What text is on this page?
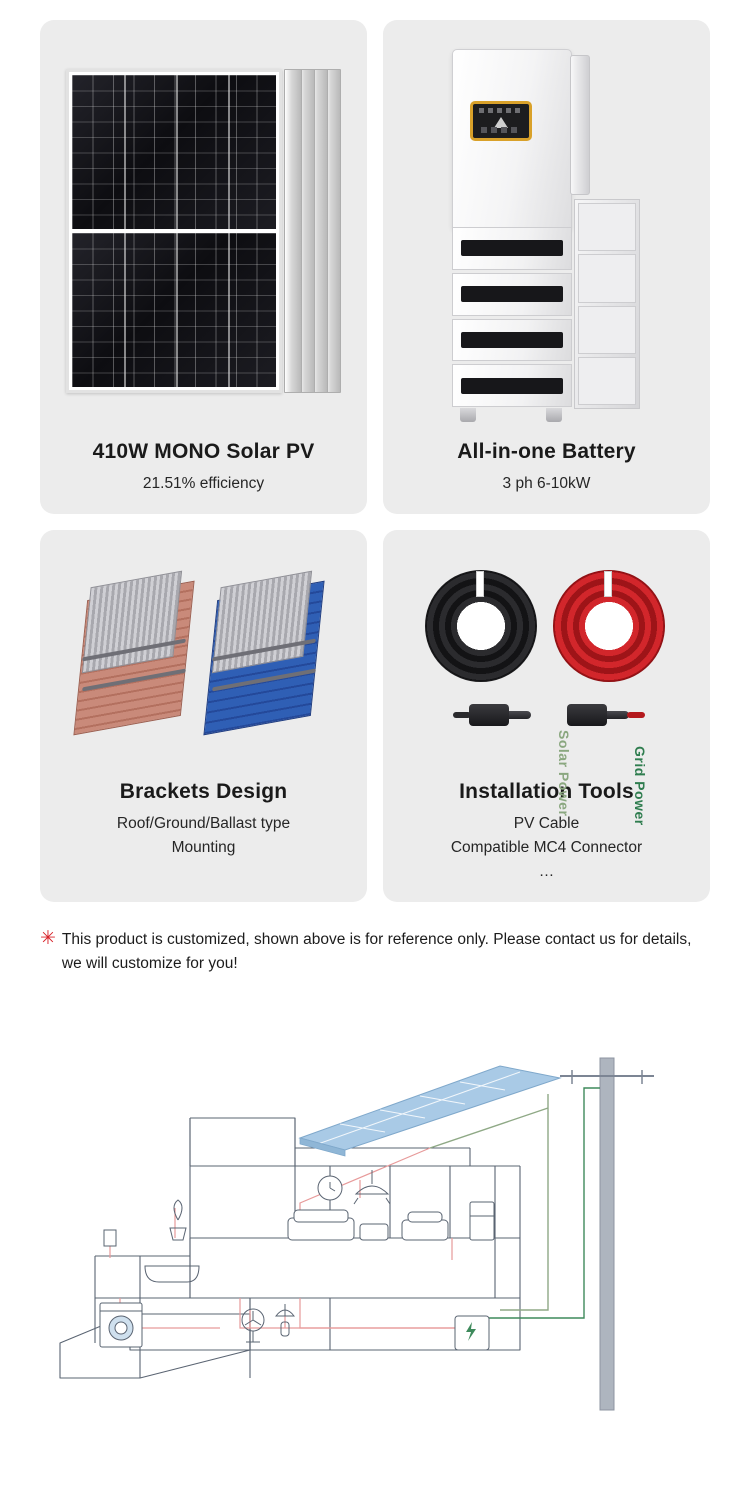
410W MONO Solar PV
21.51% efficiency
All-in-one Battery
3 ph 6-10kW
Brackets Design
Roof/Ground/Ballast type
Mounting
Installation Tools
PV Cable
Compatible MC4 Connector
…
✳ This product is customized, shown above is for reference only. Please contact us for details, we will customize for you!
Solar Power	Grid Power
